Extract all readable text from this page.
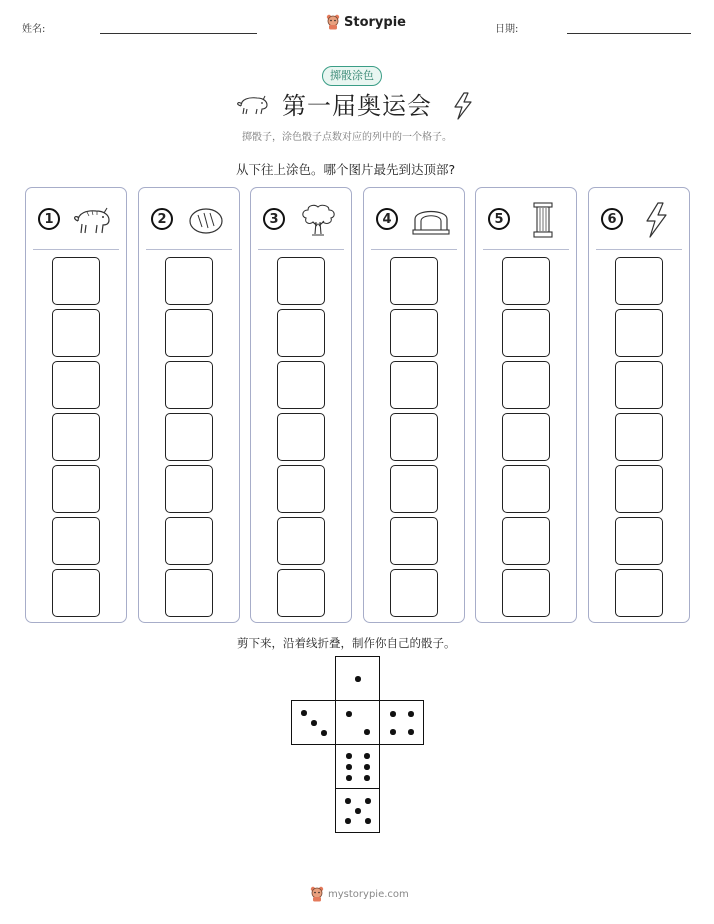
姓名:	Storypie	日期:
掷骰涂色
第一届奥运会
掷骰子，涂色骰子点数对应的列中的一个格子。
从下往上涂色。哪个图片最先到达顶部?
1	2	3	4	5	6
剪下来，沿着线折叠，制作你自己的骰子。
mystorypie.com
